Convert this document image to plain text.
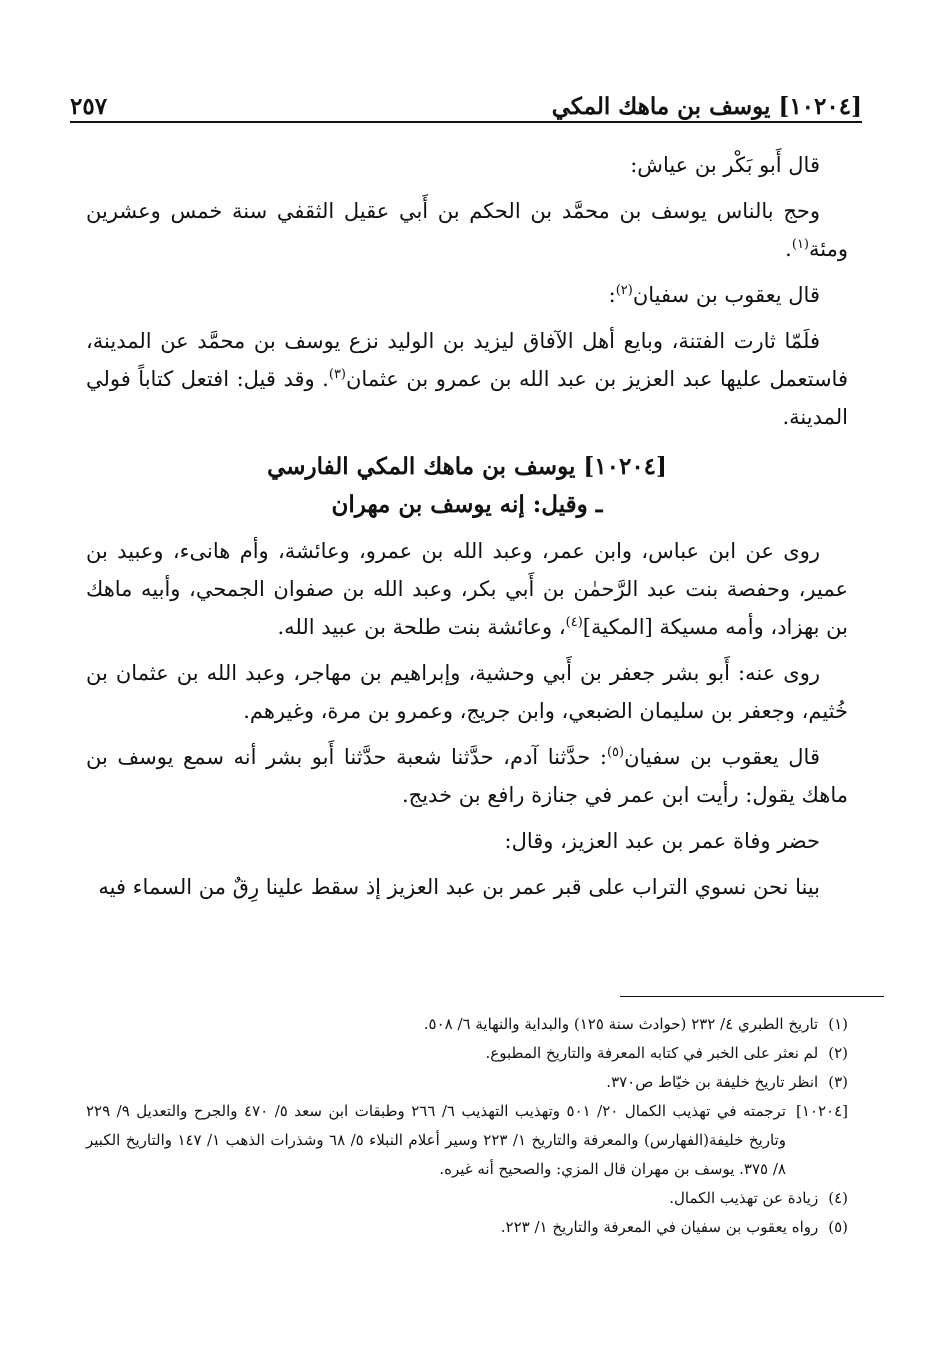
[١٠٢٠٤] يوسف بن ماهك المكي
٢٥٧

قال أَبو بَكْر بن عياش:

وحج بالناس يوسف بن محمَّد بن الحكم بن أَبي عقيل الثقفي سنة خمس وعشرين ومئة$^{(١)}$.

قال يعقوب بن سفيان$^{(٢)}$:

فلَمّا ثارت الفتنة، وبايع أهل الآفاق ليزيد بن الوليد نزع يوسف بن محمَّد عن المدينة، فاستعمل عليها عبد العزيز بن عبد الله بن عمرو بن عثمان$^{(٣)}$. وقد قيل: افتعل كتاباً فولي المدينة.

[١٠٢٠٤] يوسف بن ماهك المكي الفارسي
ـ وقيل: إنه يوسف بن مهران

روى عن ابن عباس، وابن عمر، وعبد الله بن عمرو، وعائشة، وأم هانىء، وعبيد بن عمير، وحفصة بنت عبد الرَّحمٰن بن أَبي بكر، وعبد الله بن صفوان الجمحي، وأبيه ماهك بن بهزاد، وأمه مسيكة [المكية]$^{(٤)}$، وعائشة بنت طلحة بن عبيد الله.

روى عنه: أَبو بشر جعفر بن أَبي وحشية، وإبراهيم بن مهاجر، وعبد الله بن عثمان بن خُثيم، وجعفر بن سليمان الضبعي، وابن جريج، وعمرو بن مرة، وغيرهم.

قال يعقوب بن سفيان$^{(٥)}$: حدَّثنا آدم، حدَّثنا شعبة حدَّثنا أَبو بشر أنه سمع يوسف بن ماهك يقول: رأيت ابن عمر في جنازة رافع بن خديج.

حضر وفاة عمر بن عبد العزيز، وقال:

بينا نحن نسوي التراب على قبر عمر بن عبد العزيز إذ سقط علينا رِقٌ من السماء فيه

(١)
تاريخ الطبري ٤/ ٢٣٢ (حوادث سنة ١٢٥) والبداية والنهاية ٦/ ٥٠٨.
(٢)
لم نعثر على الخبر في كتابه المعرفة والتاريخ المطبوع.
(٣)
انظر تاريخ خليفة بن خيّاط ص٣٧٠.
[١٠٢٠٤]
ترجمته في تهذيب الكمال ٢٠/ ٥٠١ وتهذيب التهذيب ٦/ ٢٦٦ وطبقات ابن سعد ٥/ ٤٧٠ والجرح والتعديل ٩/ ٢٢٩ وتاريخ خليفة(الفهارس) والمعرفة والتاريخ ١/ ٢٢٣ وسير أعلام النبلاء ٥/ ٦٨ وشذرات الذهب ١/ ١٤٧ والتاريخ الكبير ٨/ ٣٧٥. يوسف بن مهران قال المزي: والصحيح أنه غيره.
(٤)
زيادة عن تهذيب الكمال.
(٥)
رواه يعقوب بن سفيان في المعرفة والتاريخ ١/ ٢٢٣.
